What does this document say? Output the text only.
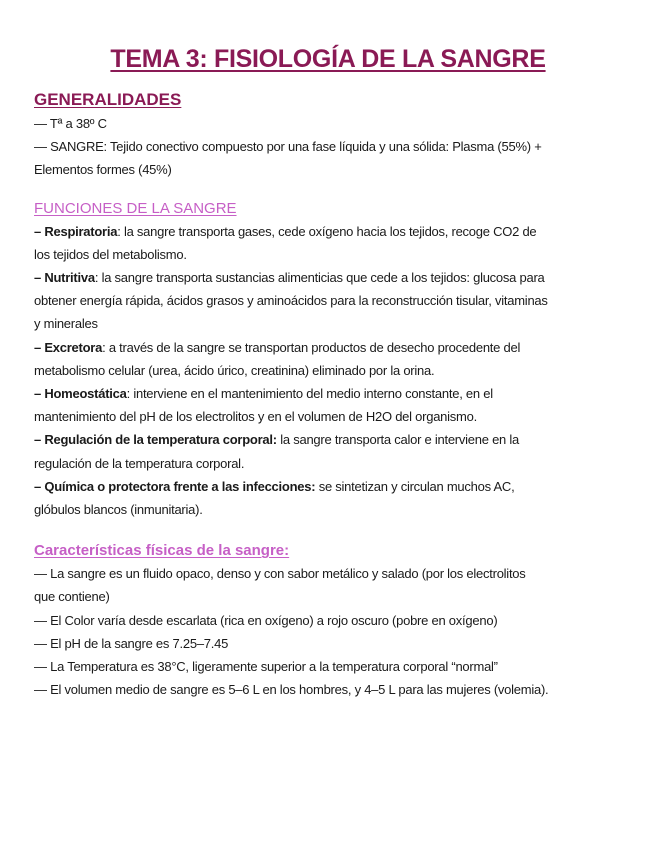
TEMA 3: FISIOLOGÍA DE LA SANGRE
GENERALIDADES
— Tª a 38º C
— SANGRE: Tejido conectivo compuesto por una fase líquida y una sólida: Plasma (55%) +
Elementos formes (45%)
FUNCIONES DE LA SANGRE
– Respiratoria: la sangre transporta gases, cede oxígeno hacia los tejidos, recoge CO2 de
los tejidos del metabolismo.
– Nutritiva: la sangre transporta sustancias alimenticias que cede a los tejidos: glucosa para
obtener energía rápida, ácidos grasos y aminoácidos para la reconstrucción tisular, vitaminas
y minerales
– Excretora: a través de la sangre se transportan productos de desecho procedente del
metabolismo celular (urea, ácido úrico, creatinina) eliminado por la orina.
– Homeostática: interviene en el mantenimiento del medio interno constante, en el
mantenimiento del pH de los electrolitos y en el volumen de H2O del organismo.
– Regulación de la temperatura corporal: la sangre transporta calor e interviene en la
regulación de la temperatura corporal.
– Química o protectora frente a las infecciones: se sintetizan y circulan muchos AC,
glóbulos blancos (inmunitaria).
Características físicas de la sangre:
— La sangre es un fluido opaco, denso y con sabor metálico y salado (por los electrolitos
que contiene)
— El Color varía desde escarlata (rica en oxígeno) a rojo oscuro (pobre en oxígeno)
— El pH de la sangre es 7.25–7.45
— La Temperatura es 38°C, ligeramente superior a la temperatura corporal “normal”
— El volumen medio de sangre es 5–6 L en los hombres, y 4–5 L para las mujeres (volemia).
